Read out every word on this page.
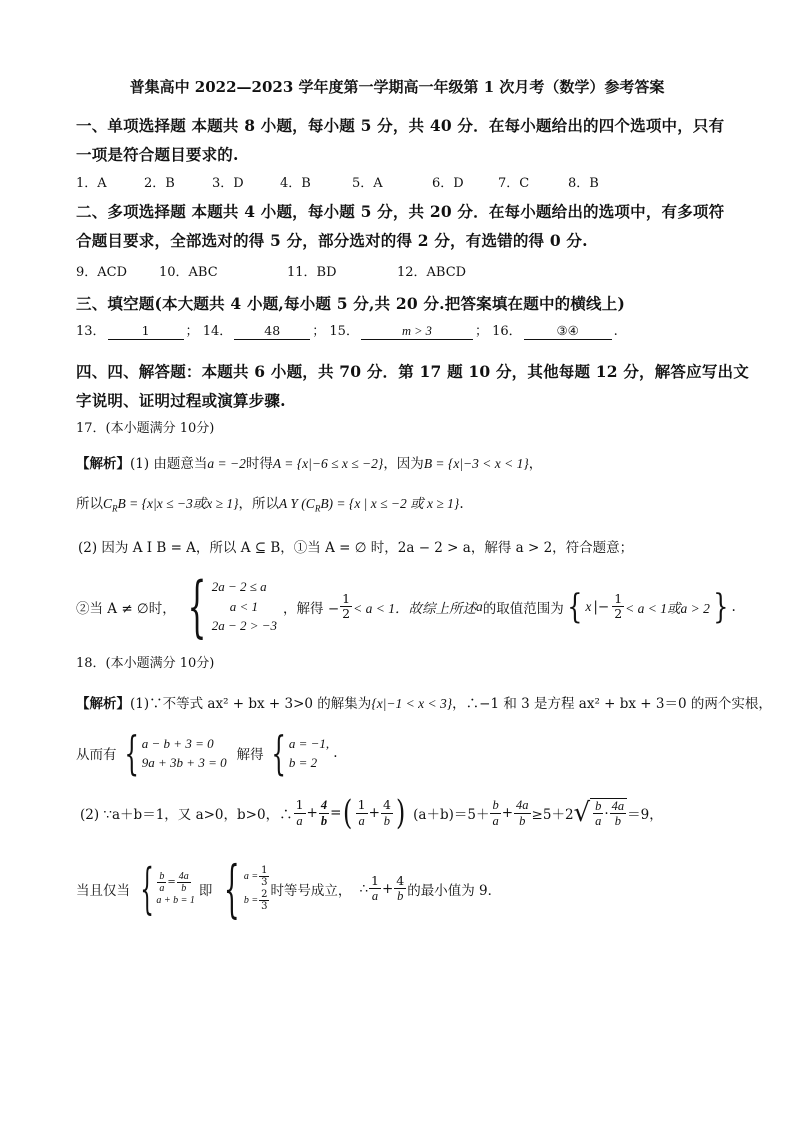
普集高中 2022—2023 学年度第一学期高一年级第 1 次月考（数学）参考答案
一、单项选择题 本题共 8 小题，每小题 5 分，共 40 分．在每小题给出的四个选项中，只有
一项是符合题目要求的.
1．A	2．B	3．D	4．B	5．A	6．D	7．C	8．B
二、多项选择题 本题共 4 小题，每小题 5 分，共 20 分．在每小题给出的选项中，有多项符
合题目要求，全部选对的得 5 分，部分选对的得 2 分，有选错的得 0 分.
9．ACD 10．ABC	11．BD	12．ABCD
三、填空题(本大题共 4 小题,每小题 5 分,共 20 分.把答案填在题中的横线上)
13．	1	； 14．	48 ； 15．	m > 3	； 16．	③④	.
四、四、解答题：本题共 6 小题，共 70 分．第 17 题 10 分，其他每题 12 分，解答应写出文
字说明、证明过程或演算步骤.
17．(本小题满分 10分)
【解析】(1) 由题意当a = −2时得A = {x|−6 ≤ x ≤ −2}，因为B = {x|−3 < x < 1}，
所以$C_RB = \{x|x \le -3$或x ≥ 1}，所以A Y $(C_RB) = \{x$ | x ≤ −2 或 x ≥ 1}.
(2) 因为 A I B = A，所以 A ⊆ B，①当 A = ∅ 时，2a − 2 > a，解得 a > 2，符合题意；
②当 A ≠ ∅时， { 2a − 2 ≤ a
a < 1
2a − 2 > −3
，解得 − $\frac{1}{2} < a < 1$．故综上所述 a 的取值范围为 { x |− $\frac{1}{2} < a < 1$或a > 2 } .
18．(本小题满分 10分)
【解析】(1)∵不等式 ax² + bx + 3>0 的解集为{x|−1 < x < 3}，∴−1 和 3 是方程 ax² + bx + 3＝0 的两个实根，
从而有 { a − b + 3 = 0
9a + 3b + 3 = 0 解得 { a = −1,
b = 2
.
(2) ∵a＋b＝1，又 a>0，b>0，∴ $\frac{1}{a} + \frac{4}{b}$ = ( $\frac{1}{a} + \frac{4}{b}$ ) $(a+b)=5+ \frac{b}{a} + \frac{4a}{b} \ge 5+2$ √ $\frac{b}{a} \cdot \frac{4a}{b} =9$，
当且仅当 { $\frac{b}{a} = \frac{4a}{b}$
a + b = 1
即 { $a = \frac{1}{3}$
$b = \frac{2}{3}$ 时等号成立， ∴ $\frac{1}{a} + \frac{4}{b}$ 的最小值为 9．
